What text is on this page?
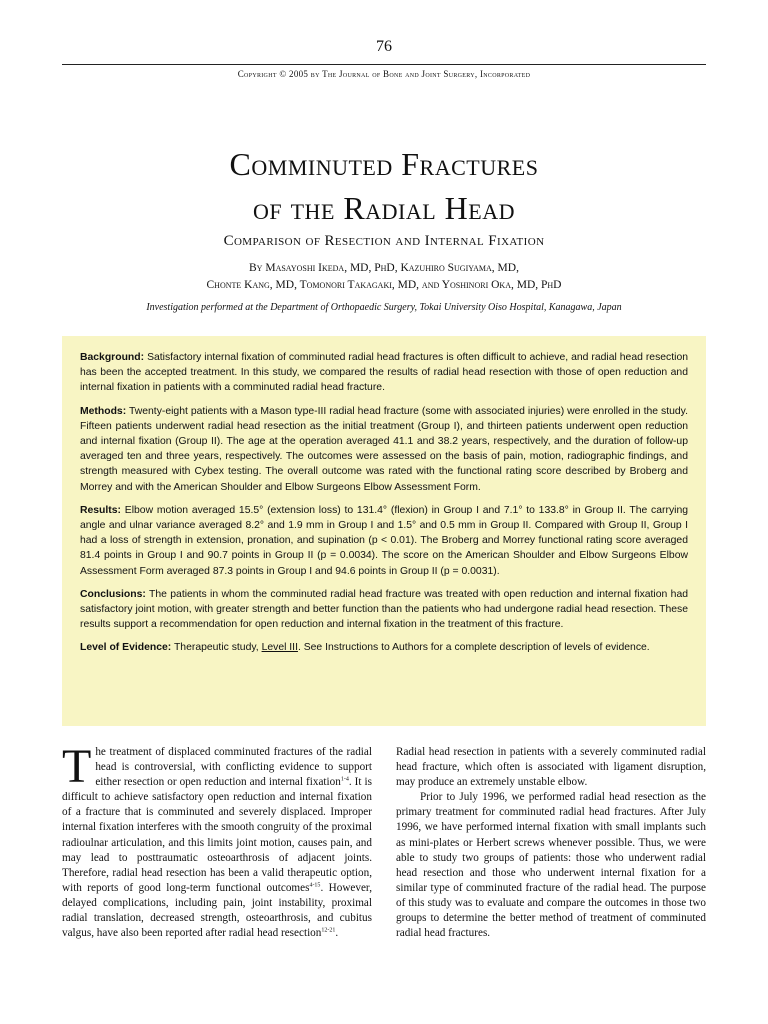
76
Copyright © 2005 by The Journal of Bone and Joint Surgery, Incorporated
Comminuted Fractures
of the Radial Head
Comparison of Resection and Internal Fixation
By Masayoshi Ikeda, MD, PhD, Kazuhiro Sugiyama, MD,
Chonte Kang, MD, Tomonori Takagaki, MD, and Yoshinori Oka, MD, PhD
Investigation performed at the Department of Orthopaedic Surgery, Tokai University Oiso Hospital, Kanagawa, Japan

Background: Satisfactory internal fixation of comminuted radial head fractures is often difficult to achieve, and radial head resection has been the accepted treatment. In this study, we compared the results of radial head resection with those of open reduction and internal fixation in patients with a comminuted radial head fracture.

Methods: Twenty-eight patients with a Mason type-III radial head fracture (some with associated injuries) were enrolled in the study. Fifteen patients underwent radial head resection as the initial treatment (Group I), and thirteen patients underwent open reduction and internal fixation (Group II). The age at the operation averaged 41.1 and 38.2 years, respectively, and the duration of follow-up averaged ten and three years, respectively. The outcomes were assessed on the basis of pain, motion, radiographic findings, and strength measured with Cybex testing. The overall outcome was rated with the functional rating score described by Broberg and Morrey and with the American Shoulder and Elbow Surgeons Elbow Assessment Form.

Results: Elbow motion averaged 15.5° (extension loss) to 131.4° (flexion) in Group I and 7.1° to 133.8° in Group II. The carrying angle and ulnar variance averaged 8.2° and 1.9 mm in Group I and 1.5° and 0.5 mm in Group II. Compared with Group II, Group I had a loss of strength in extension, pronation, and supination (p < 0.01). The Broberg and Morrey functional rating score averaged 81.4 points in Group I and 90.7 points in Group II (p = 0.0034). The score on the American Shoulder and Elbow Surgeons Elbow Assessment Form averaged 87.3 points in Group I and 94.6 points in Group II (p = 0.0031).

Conclusions: The patients in whom the comminuted radial head fracture was treated with open reduction and internal fixation had satisfactory joint motion, with greater strength and better function than the patients who had undergone radial head resection. These results support a recommendation for open reduction and internal fixation in the treatment of this fracture.

Level of Evidence: Therapeutic study, Level III. See Instructions to Authors for a complete description of levels of evidence.

The treatment of displaced comminuted fractures of the radial head is controversial, with conflicting evidence to support either resection or open reduction and internal fixation$^{1-4}$. It is difficult to achieve satisfactory open reduction and internal fixation of a fracture that is comminuted and severely displaced. Improper internal fixation interferes with the smooth congruity of the proximal radioulnar articulation, and this limits joint motion, causes pain, and may lead to posttraumatic osteoarthrosis of adjacent joints. Therefore, radial head resection has been a valid therapeutic option, with reports of good long-term functional outcomes$^{4-15}$. However, delayed complications, including pain, joint instability, proximal radial translation, decreased strength, osteoarthrosis, and cubitus valgus, have also been reported after radial head resection$^{12-21}$.

Radial head resection in patients with a severely comminuted radial head fracture, which often is associated with ligament disruption, may produce an extremely unstable elbow.

Prior to July 1996, we performed radial head resection as the primary treatment for comminuted radial head fractures. After July 1996, we have performed internal fixation with small implants such as mini-plates or Herbert screws whenever possible. Thus, we were able to study two groups of patients: those who underwent radial head resection and those who underwent internal fixation for a similar type of comminuted fracture of the radial head. The purpose of this study was to evaluate and compare the outcomes in those two groups to determine the better method of treatment of comminuted radial head fractures.
